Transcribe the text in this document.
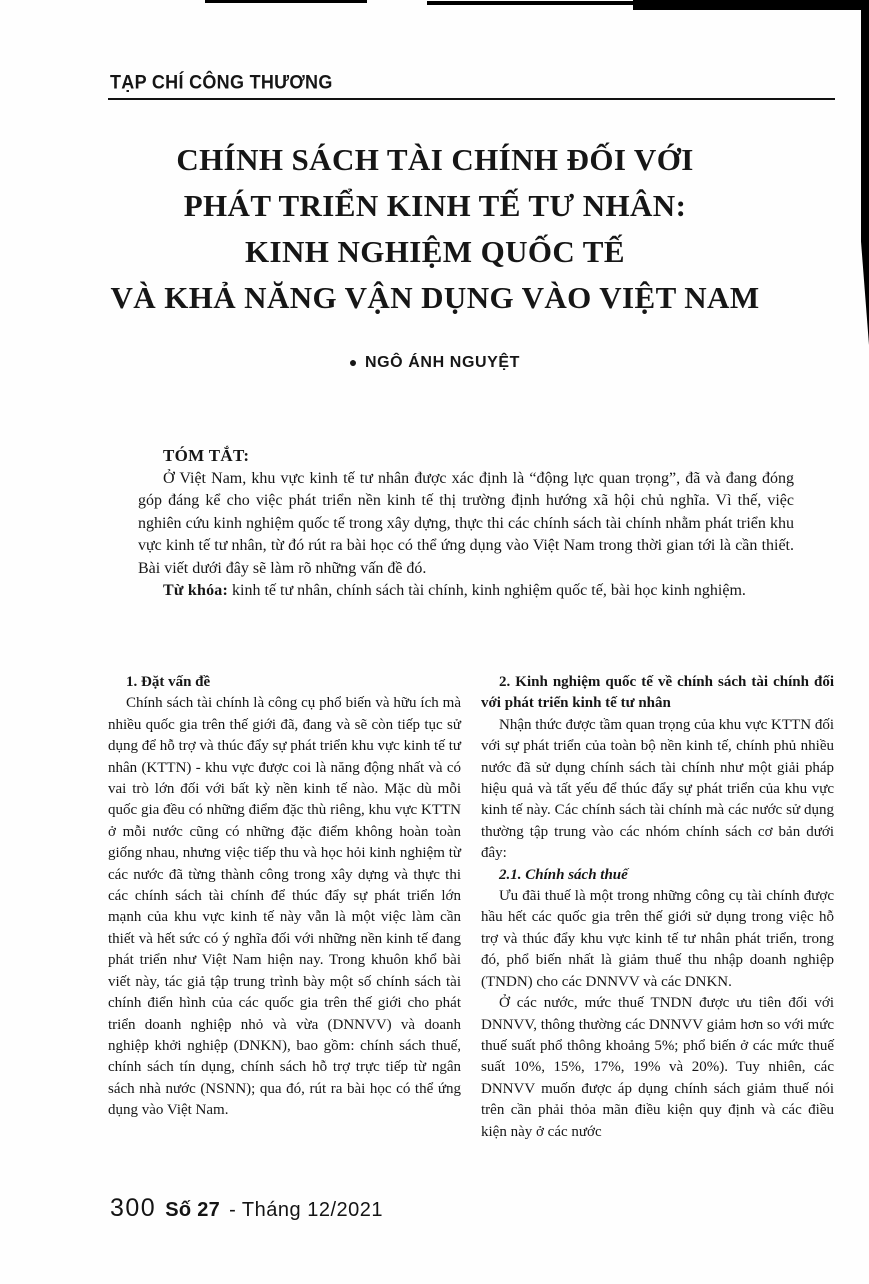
TẠP CHÍ CÔNG THƯƠNG
CHÍNH SÁCH TÀI CHÍNH ĐỐI VỚI
PHÁT TRIỂN KINH TẾ TƯ NHÂN:
KINH NGHIỆM QUỐC TẾ
VÀ KHẢ NĂNG VẬN DỤNG VÀO VIỆT NAM
● NGÔ ÁNH NGUYỆT

TÓM TẮT:

Ở Việt Nam, khu vực kinh tế tư nhân được xác định là “động lực quan trọng”, đã và đang đóng góp đáng kể cho việc phát triển nền kinh tế thị trường định hướng xã hội chủ nghĩa. Vì thế, việc nghiên cứu kinh nghiệm quốc tế trong xây dựng, thực thi các chính sách tài chính nhằm phát triển khu vực kinh tế tư nhân, từ đó rút ra bài học có thể ứng dụng vào Việt Nam trong thời gian tới là cần thiết. Bài viết dưới đây sẽ làm rõ những vấn đề đó.

Từ khóa: kinh tế tư nhân, chính sách tài chính, kinh nghiệm quốc tế, bài học kinh nghiệm.

1. Đặt vấn đề

Chính sách tài chính là công cụ phổ biến và hữu ích mà nhiều quốc gia trên thế giới đã, đang và sẽ còn tiếp tục sử dụng để hỗ trợ và thúc đẩy sự phát triển khu vực kinh tế tư nhân (KTTN) - khu vực được coi là năng động nhất và có vai trò lớn đối với bất kỳ nền kinh tế nào. Mặc dù mỗi quốc gia đều có những điểm đặc thù riêng, khu vực KTTN ở mỗi nước cũng có những đặc điểm không hoàn toàn giống nhau, nhưng việc tiếp thu và học hỏi kinh nghiệm từ các nước đã từng thành công trong xây dựng và thực thi các chính sách tài chính để thúc đẩy sự phát triển lớn mạnh của khu vực kinh tế này vẫn là một việc làm cần thiết và hết sức có ý nghĩa đối với những nền kinh tế đang phát triển như Việt Nam hiện nay. Trong khuôn khổ bài viết này, tác giả tập trung trình bày một số chính sách tài chính điển hình của các quốc gia trên thế giới cho phát triển doanh nghiệp nhỏ và vừa (DNNVV) và doanh nghiệp khởi nghiệp (DNKN), bao gồm: chính sách thuế, chính sách tín dụng, chính sách hỗ trợ trực tiếp từ ngân sách nhà nước (NSNN); qua đó, rút ra bài học có thể ứng dụng vào Việt Nam.

2. Kinh nghiệm quốc tế về chính sách tài chính đối với phát triển kinh tế tư nhân

Nhận thức được tầm quan trọng của khu vực KTTN đối với sự phát triển của toàn bộ nền kinh tế, chính phủ nhiều nước đã sử dụng chính sách tài chính như một giải pháp hiệu quả và tất yếu để thúc đẩy sự phát triển của khu vực kinh tế này. Các chính sách tài chính mà các nước sử dụng thường tập trung vào các nhóm chính sách cơ bản dưới đây:

2.1. Chính sách thuế

Ưu đãi thuế là một trong những công cụ tài chính được hầu hết các quốc gia trên thế giới sử dụng trong việc hỗ trợ và thúc đẩy khu vực kinh tế tư nhân phát triển, trong đó, phổ biến nhất là giảm thuế thu nhập doanh nghiệp (TNDN) cho các DNNVV và các DNKN.

Ở các nước, mức thuế TNDN được ưu tiên đối với DNNVV, thông thường các DNNVV giảm hơn so với mức thuế suất phổ thông khoảng 5%; phổ biến ở các mức thuế suất 10%, 15%, 17%, 19% và 20%). Tuy nhiên, các DNNVV muốn được áp dụng chính sách giảm thuế nói trên cần phải thỏa mãn điều kiện quy định và các điều kiện này ở các nước

300 Số 27 - Tháng 12/2021
